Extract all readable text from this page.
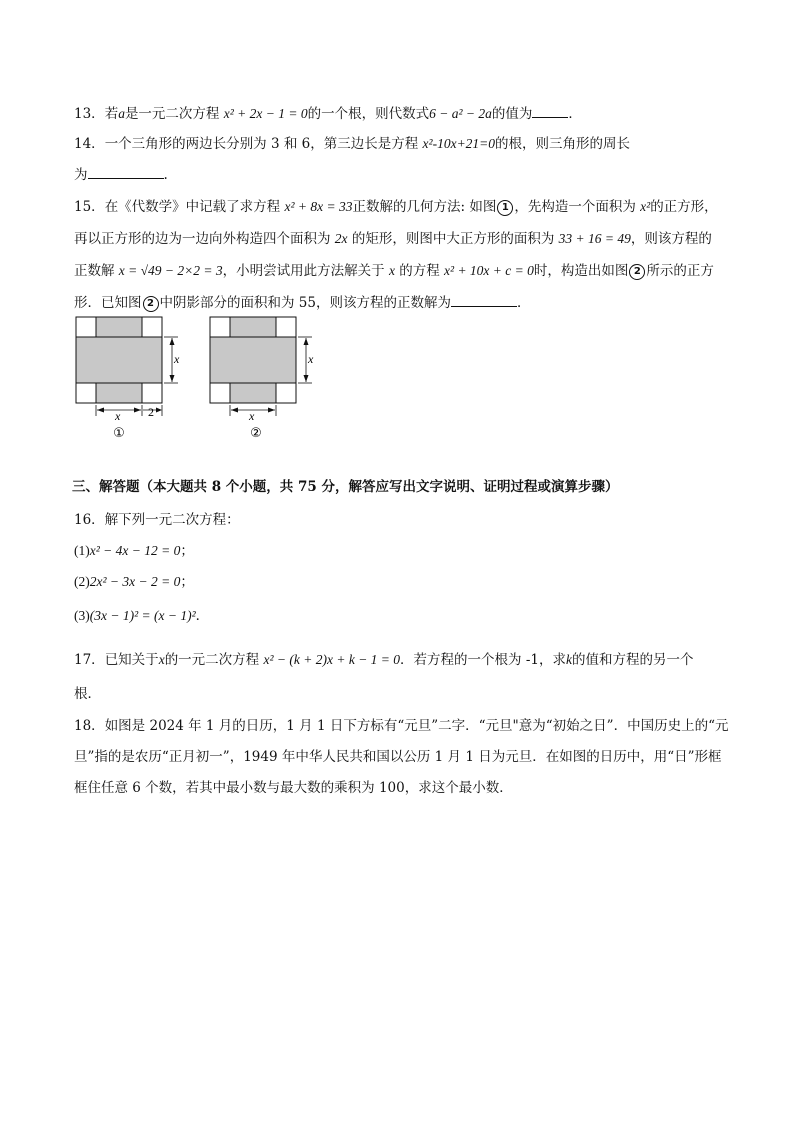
13．若a是一元二次方程 x² + 2x − 1 = 0的一个根，则代数式6 − a² − 2a的值为	．
14．一个三角形的两边长分别为 3 和 6，第三边长是方程 x²-10x+21=0的根，则三角形的周长
为	.
15．在《代数学》中记载了求方程 x² + 8x = 33正数解的几何方法: 如图 1 ，先构造一个面积为 x²的正方形，
再以正方形的边为一边向外构造四个面积为 2x 的矩形，则图中大正方形的面积为 33 + 16 = 49，则该方程的
正数解 x = √49 − 2×2 = 3，小明尝试用此方法解关于 x 的方程 x² + 10x + c = 0时，构造出如图 2 所示的正方
形．已知图 2 中阴影部分的面积和为 55，则该方程的正数解为	．
x
x 2
①
x
x
②
三、解答题（本大题共 8 个小题，共 75 分，解答应写出文字说明、证明过程或演算步骤）
16．解下列一元二次方程：
(1)x² − 4x − 12 = 0；
(2)2x² − 3x − 2 = 0；
(3)(3x − 1)² = (x − 1)²．
17．已知关于x的一元二次方程 x² − (k + 2)x + k − 1 = 0．若方程的一个根为 -1，求k的值和方程的另一个
根．
18．如图是 2024 年 1 月的日历，1 月 1 日下方标有“元旦”二字．“元旦"意为“初始之日”．中国历史上的“元
旦”指的是农历“正月初一”，1949 年中华人民共和国以公历 1 月 1 日为元旦．在如图的日历中，用“日”形框
框住任意 6 个数，若其中最小数与最大数的乘积为 100，求这个最小数．
